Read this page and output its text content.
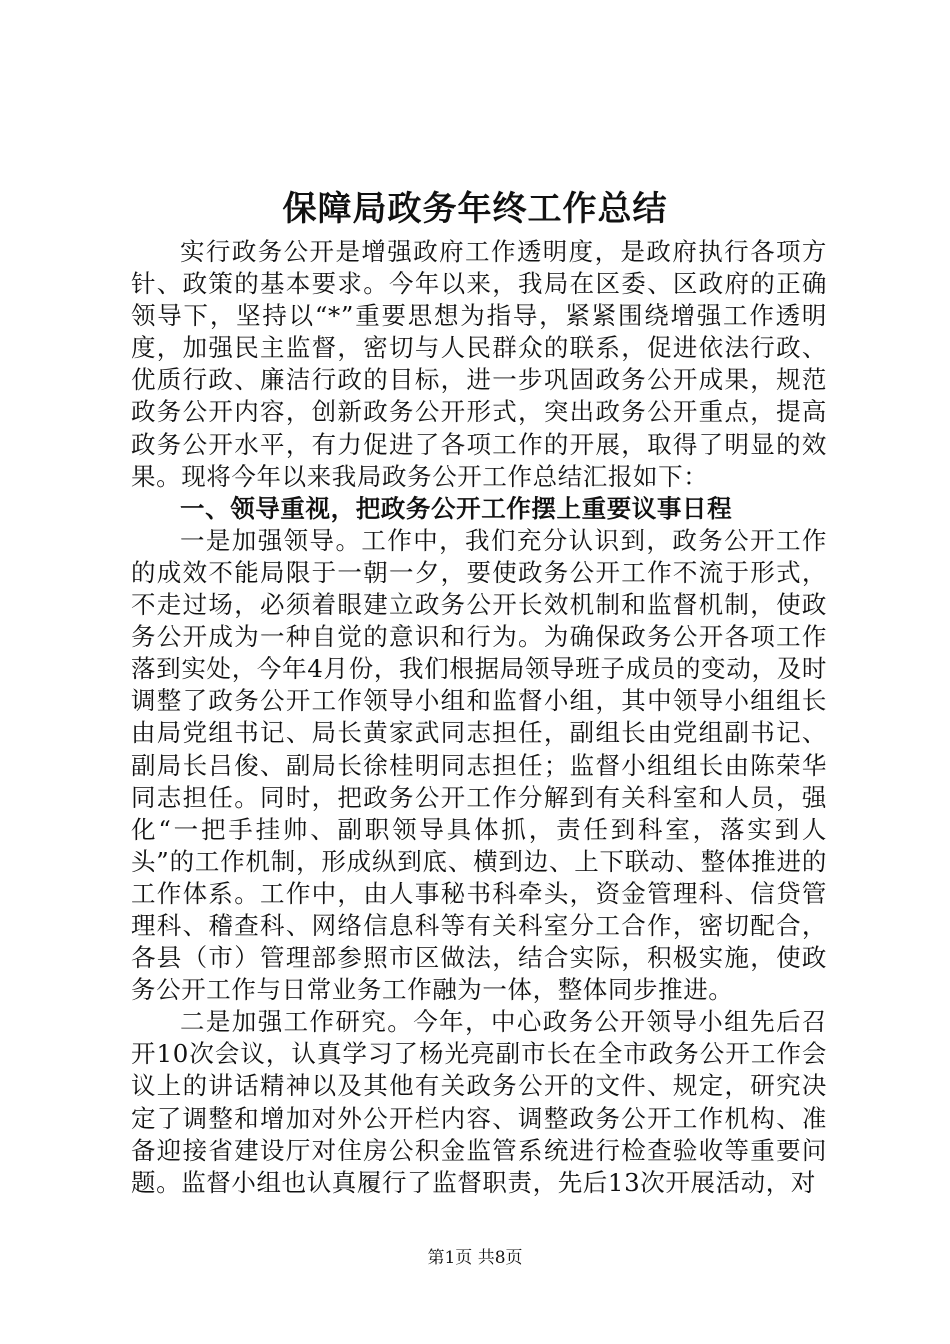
保障局政务年终工作总结

实行政务公开是增强政府工作透明度，是政府执行各项方针、政策的基本要求。今年以来，我局在区委、区政府的正确领导下，坚持以“*”重要思想为指导，紧紧围绕增强工作透明度，加强民主监督，密切与人民群众的联系，促进依法行政、优质行政、廉洁行政的目标，进一步巩固政务公开成果，规范政务公开内容，创新政务公开形式，突出政务公开重点，提高政务公开水平，有力促进了各项工作的开展，取得了明显的效果。现将今年以来我局政务公开工作总结汇报如下：

一、领导重视，把政务公开工作摆上重要议事日程

一是加强领导。工作中，我们充分认识到，政务公开工作的成效不能局限于一朝一夕，要使政务公开工作不流于形式，不走过场，必须着眼建立政务公开长效机制和监督机制，使政务公开成为一种自觉的意识和行为。为确保政务公开各项工作落到实处，今年4月份，我们根据局领导班子成员的变动，及时调整了政务公开工作领导小组和监督小组，其中领导小组组长由局党组书记、局长黄家武同志担任，副组长由党组副书记、副局长吕俊、副局长徐桂明同志担任；监督小组组长由陈荣华同志担任。同时，把政务公开工作分解到有关科室和人员，强化“一把手挂帅、副职领导具体抓，责任到科室，落实到人头”的工作机制，形成纵到底、横到边、上下联动、整体推进的工作体系。工作中，由人事秘书科牵头，资金管理科、信贷管理科、稽查科、网络信息科等有关科室分工合作，密切配合，各县（市）管理部参照市区做法，结合实际，积极实施，使政务公开工作与日常业务工作融为一体，整体同步推进。

二是加强工作研究。今年，中心政务公开领导小组先后召开10次会议，认真学习了杨光亮副市长在全市政务公开工作会议上的讲话精神以及其他有关政务公开的文件、规定，研究决定了调整和增加对外公开栏内容、调整政务公开工作机构、准备迎接省建设厅对住房公积金监管系统进行检查验收等重要问题。监督小组也认真履行了监督职责，先后13次开展活动，对

第1页 共8页
